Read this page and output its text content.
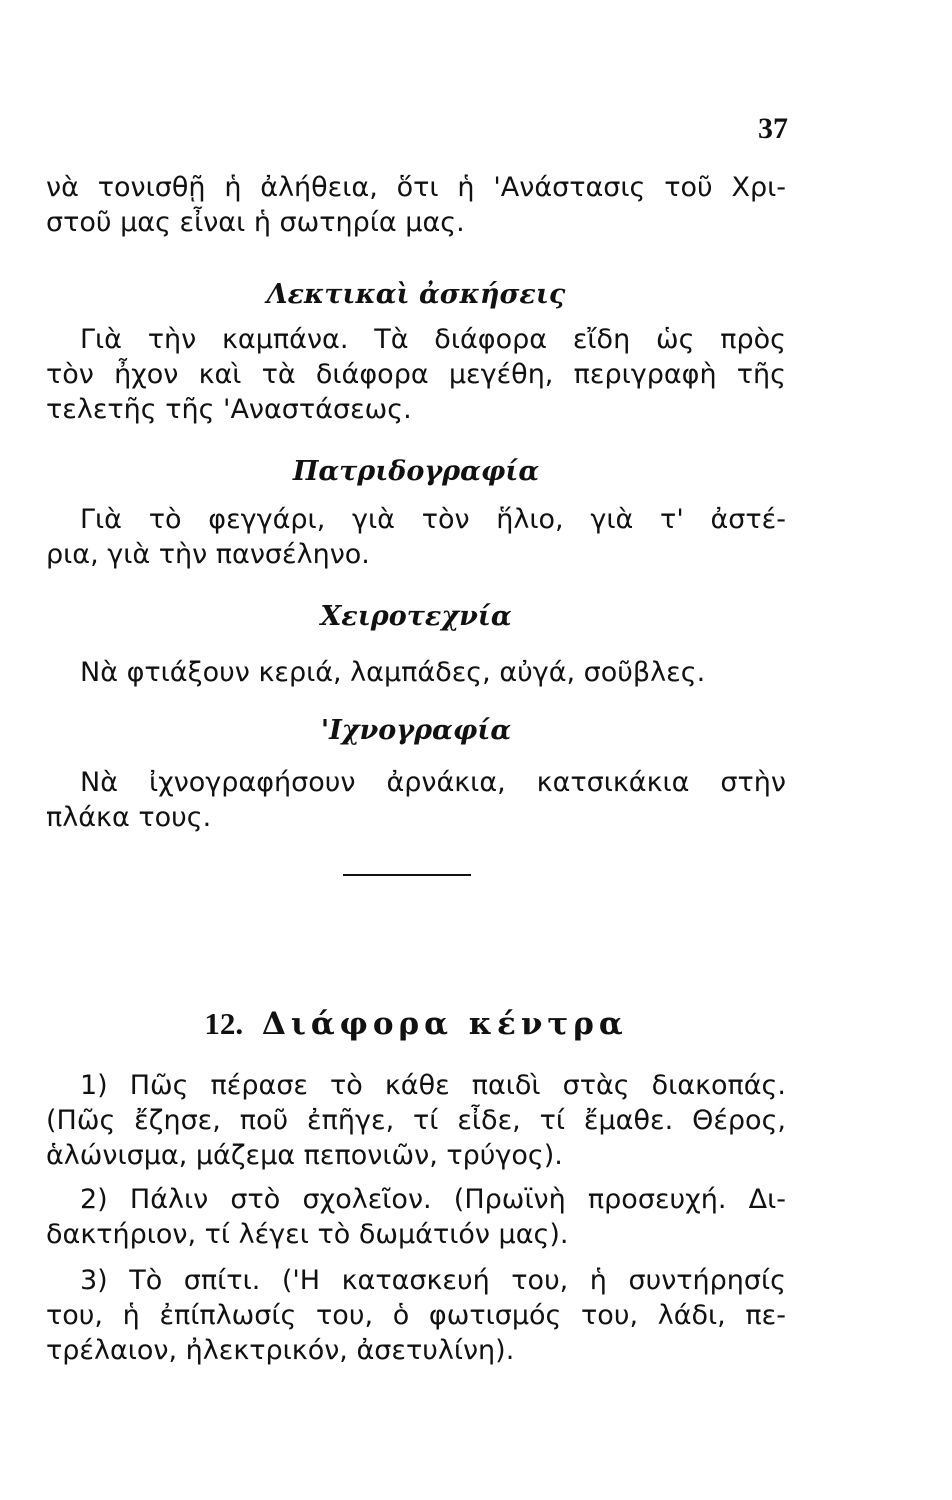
37

νὰ τονισθῇ ἡ ἀλήθεια, ὅτι ἡ 'Ανάστασις τοῦ Χρι-
στοῦ μας εἶναι ἡ σωτηρία μας.

Λεκτικαὶ ἀσκήσεις

Γιὰ τὴν καμπάνα. Τὰ διάφορα εἴδη ὡς πρὸς
τὸν ἦχον καὶ τὰ διάφορα μεγέθη, περιγραφὴ τῆς
τελετῆς τῆς 'Αναστάσεως.

Πατριδογραφία

Γιὰ τὸ φεγγάρι, γιὰ τὸν ἥλιο, γιὰ τ' ἀστέ-
ρια, γιὰ τὴν πανσέληνο.

Χειροτεχνία

Νὰ φτιάξουν κεριά, λαμπάδες, αὐγά, σοῦβλες.

'Ιχνογραφία

Νὰ ἰχνογραφήσουν ἀρνάκια, κατσικάκια στὴν
πλάκα τους.

12. Διάφορα κέντρα

1) Πῶς πέρασε τὸ κάθε παιδὶ στὰς διακοπάς.
(Πῶς ἔζησε, ποῦ ἐπῆγε, τί εἶδε, τί ἔμαθε. Θέρος,
ἁλώνισμα, μάζεμα πεπονιῶν, τρύγος).

2) Πάλιν στὸ σχολεῖον. (Πρωϊνὴ προσευχή. Δι-
δακτήριον, τί λέγει τὸ δωμάτιόν μας).

3) Τὸ σπίτι. ('Η κατασκευή του, ἡ συντήρησίς
του, ἡ ἐπίπλωσίς του, ὁ φωτισμός του, λάδι, πε-
τρέλαιον, ἠλεκτρικόν, ἀσετυλίνη).
